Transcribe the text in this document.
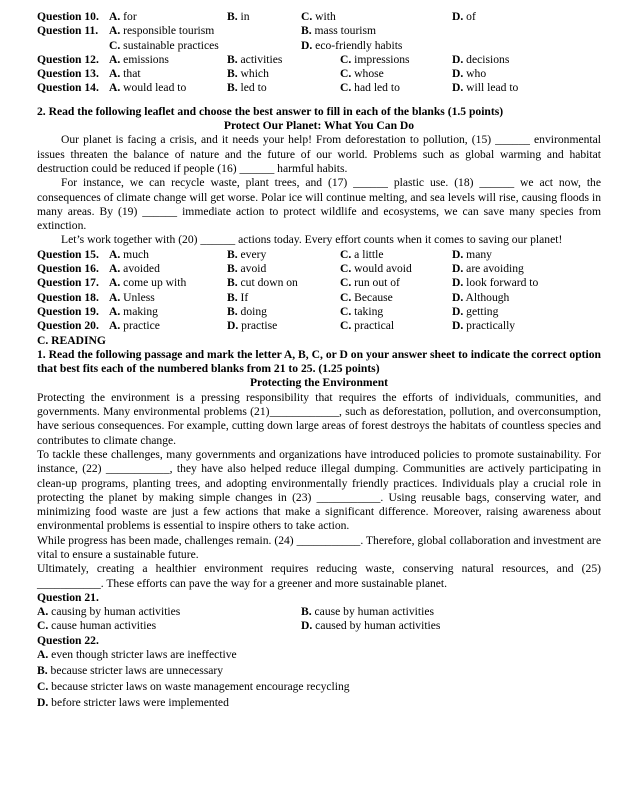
Question 10. A. for	B. in	C. with	D. of
Question 11. A. responsible tourism	B. mass tourism
C. sustainable practices	D. eco-friendly habits
Question 12. A. emissions	B. activities	C. impressions	D. decisions
Question 13. A. that	B. which	C. whose	D. who
Question 14. A. would lead to	B. led to	C. had led to	D. will lead to
2. Read the following leaflet and choose the best answer to fill in each of the blanks (1.5 points)
Protect Our Planet: What You Can Do
Our planet is facing a crisis, and it needs your help! From deforestation to pollution, (15) ______ environmental issues threaten the balance of nature and the future of our world. Problems such as global warming and habitat destruction could be reduced if people (16) ______ harmful habits.
For instance, we can recycle waste, plant trees, and (17) ______ plastic use. (18) ______ we act now, the consequences of climate change will get worse. Polar ice will continue melting, and sea levels will rise, causing floods in many areas. By (19) ______ immediate action to protect wildlife and ecosystems, we can save many species from extinction.
Let’s work together with (20) ______ actions today. Every effort counts when it comes to saving our planet!
Question 15. A. much	B. every	C. a little	D. many
Question 16. A. avoided	B. avoid	C. would avoid	D. are avoiding
Question 17. A. come up with	B. cut down on	C. run out of	D. look forward to
Question 18. A. Unless	B. If	C. Because	D. Although
Question 19. A. making	B. doing	C. taking	D. getting
Question 20. A. practice	D. practise	C. practical	D. practically
C. READING
1. Read the following passage and mark the letter A, B, C, or D on your answer sheet to indicate the correct option that best fits each of the numbered blanks from 21 to 25. (1.25 points)
Protecting the Environment
Protecting the environment is a pressing responsibility that requires the efforts of individuals, communities, and governments. Many environmental problems (21)____________, such as deforestation, pollution, and overconsumption, have serious consequences. For example, cutting down large areas of forest destroys the habitats of countless species and contributes to climate change.
To tackle these challenges, many governments and organizations have introduced policies to promote sustainability. For instance, (22) ___________, they have also helped reduce illegal dumping. Communities are actively participating in clean-up programs, planting trees, and adopting environmentally friendly practices. Individuals play a crucial role in protecting the planet by making simple changes in (23) ___________. Using reusable bags, conserving water, and minimizing food waste are just a few actions that make a significant difference. Moreover, raising awareness about environmental problems is essential to inspire others to take action.
While progress has been made, challenges remain. (24) ___________. Therefore, global collaboration and investment are vital to ensure a sustainable future.
Ultimately, creating a healthier environment requires reducing waste, conserving natural resources, and (25) ___________. These efforts can pave the way for a greener and more sustainable planet.
Question 21.
A. causing by human activities	B. cause by human activities
C. cause human activities	D. caused by human activities
Question 22.
A. even though stricter laws are ineffective
B. because stricter laws are unnecessary
C. because stricter laws on waste management encourage recycling
D. before stricter laws were implemented
